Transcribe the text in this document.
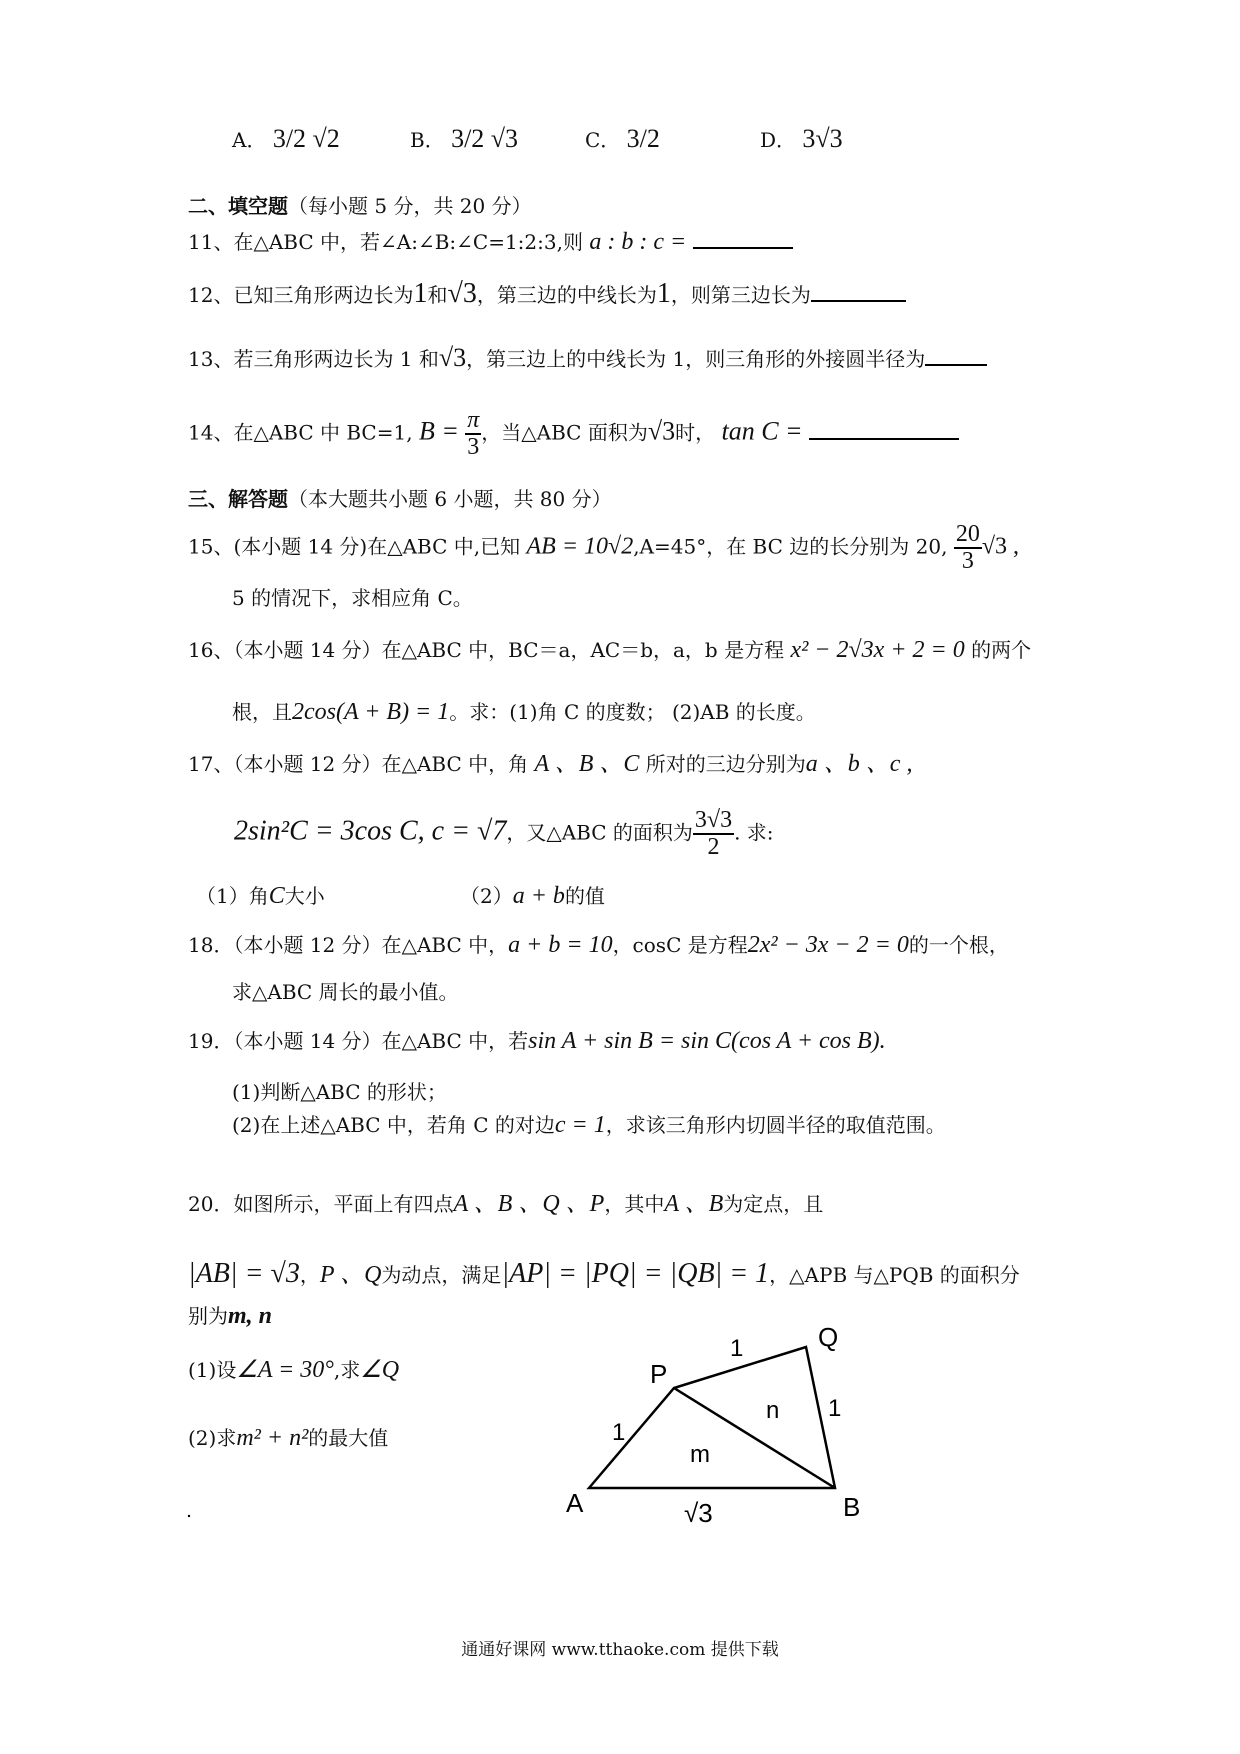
A． 3/2 √2	B． 3/2 √3	C． 3/2	D． 3√3
二、填空题（每小题 5 分，共 20 分）
11、在△ABC 中，若∠A:∠B:∠C=1:2:3,则 a : b : c =
12、已知三角形两边长为1和√3，第三边的中线长为1，则第三边长为
13、若三角形两边长为 1 和√3，第三边上的中线长为 1，则三角形的外接圆半径为
14、在△ABC 中 BC=1, $B = \frac{\pi}{3}$ ，当△ABC 面积为√3时， tan C =
三、解答题（本大题共小题 6 小题，共 80 分）
15、(本小题 14 分)在△ABC 中,已知 AB = 10√2,A=45°，在 BC 边的长分别为 20, $\frac{20}{3} √3$ ,
5 的情况下，求相应角 C。
16、（本小题 14 分）在△ABC 中，BC＝a，AC＝b，a，b 是方程 x² − 2√3x + 2 = 0 的两个
根，且2cos(A + B) = 1。求：(1)角 C 的度数； (2)AB 的长度。
17、（本小题 12 分）在△ABC 中，角 A 、B 、C 所对的三边分别为a 、b 、c ,
2sin²C = 3cos C, c = √7，又△ABC 的面积为 $\frac{3√3}{2}$ . 求:
（1）角C大小	（2）a + b的值
18．（本小题 12 分）在△ABC 中，a + b = 10，cosC 是方程2x² − 3x − 2 = 0的一个根，
求△ABC 周长的最小值。
19．（本小题 14 分）在△ABC 中，若sin A + sin B = sin C(cos A + cos B).
(1)判断△ABC 的形状；
(2)在上述△ABC 中，若角 C 的对边c = 1，求该三角形内切圆半径的取值范围。
20．如图所示，平面上有四点A 、B 、Q 、P，其中A 、B为定点，且
|AB| = √3，P 、Q为动点，满足|AP| = |PQ| = |QB| = 1，△APB 与△PQB 的面积分
别为m, n
(1)设∠A = 30°,求∠Q
(2)求m² + n²的最大值
A	B
P
Q
1
1
1
√3
m
n
通通好课网 www.tthaoke.com 提供下载
